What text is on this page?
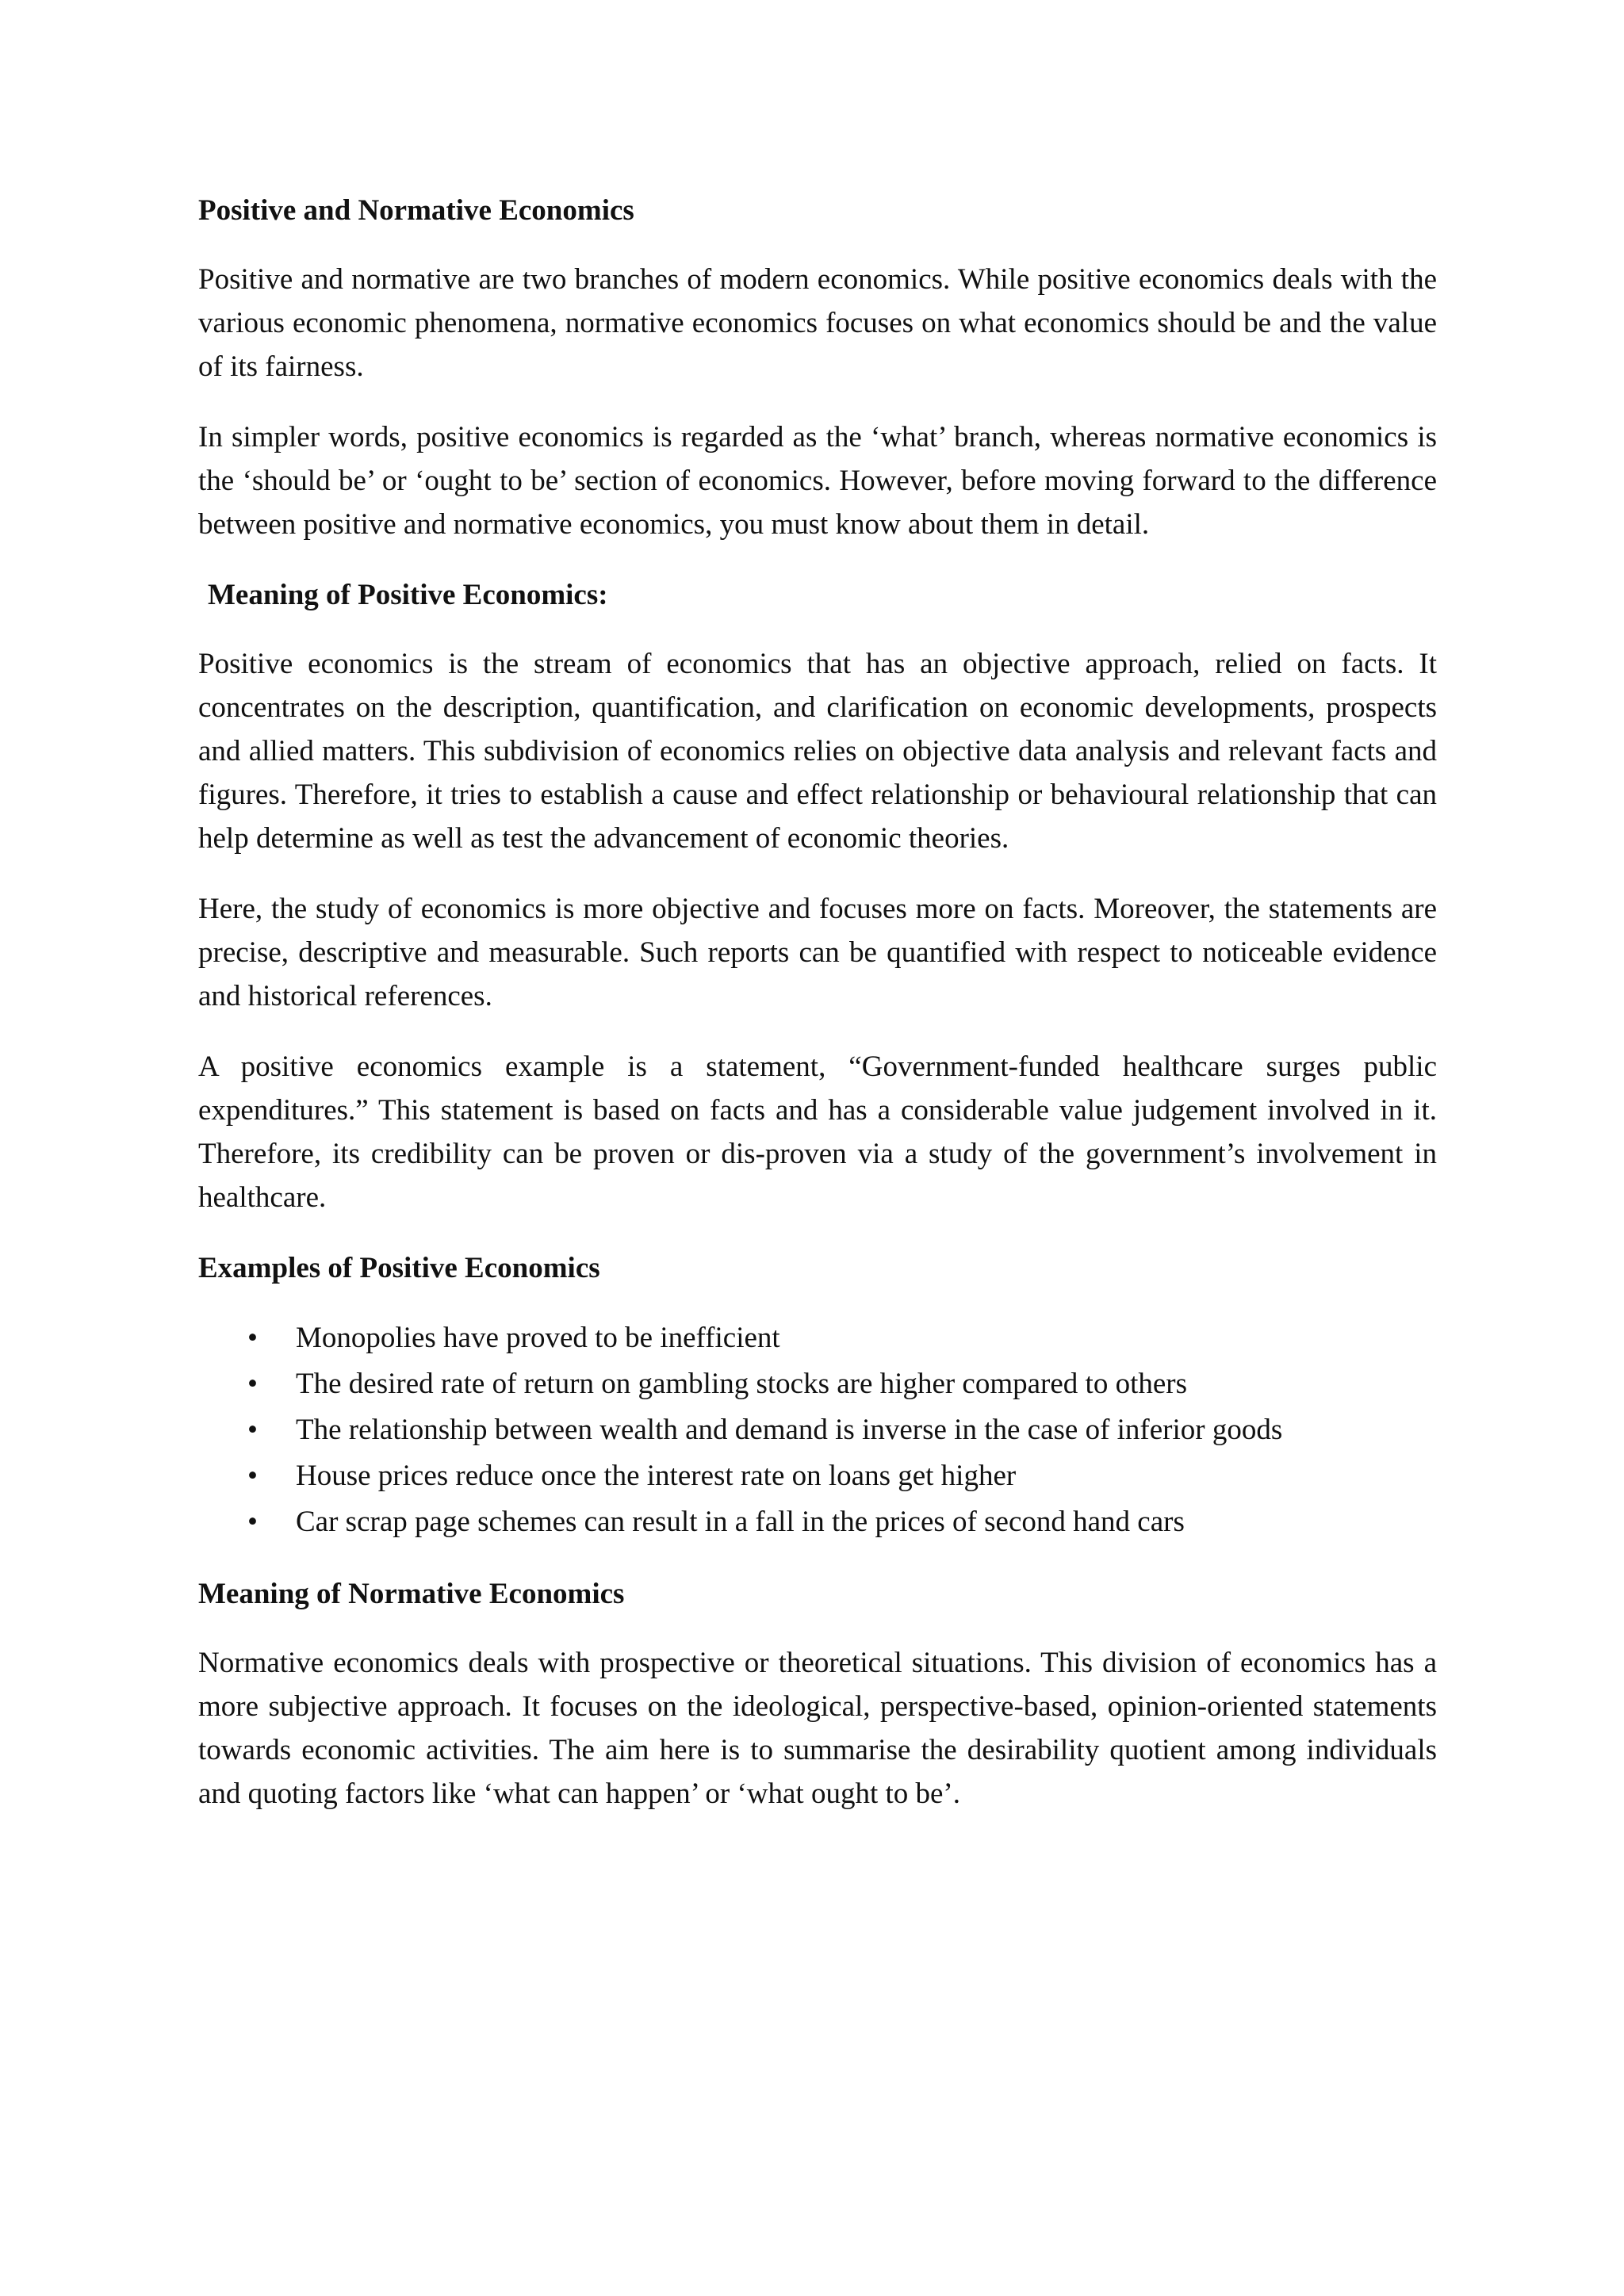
Positive and Normative Economics

Positive and normative are two branches of modern economics. While positive economics deals with the various economic phenomena, normative economics focuses on what economics should be and the value of its fairness.

In simpler words, positive economics is regarded as the ‘what’ branch, whereas normative economics is the ‘should be’ or ‘ought to be’ section of economics. However, before moving forward to the difference between positive and normative economics, you must know about them in detail.

Meaning of Positive Economics:

Positive economics is the stream of economics that has an objective approach, relied on facts. It concentrates on the description, quantification, and clarification on economic developments, prospects and allied matters. This subdivision of economics relies on objective data analysis and relevant facts and figures. Therefore, it tries to establish a cause and effect relationship or behavioural relationship that can help determine as well as test the advancement of economic theories.

Here, the study of economics is more objective and focuses more on facts. Moreover, the statements are precise, descriptive and measurable. Such reports can be quantified with respect to noticeable evidence and historical references.

A positive economics example is a statement, “Government-funded healthcare surges public expenditures.” This statement is based on facts and has a considerable value judgement involved in it. Therefore, its credibility can be proven or dis-proven via a study of the government’s involvement in healthcare.

Examples of Positive Economics
• Monopolies have proved to be inefficient
• The desired rate of return on gambling stocks are higher compared to others
• The relationship between wealth and demand is inverse in the case of inferior goods
• House prices reduce once the interest rate on loans get higher
• Car scrap page schemes can result in a fall in the prices of second hand cars
Meaning of Normative Economics

Normative economics deals with prospective or theoretical situations. This division of economics has a more subjective approach. It focuses on the ideological, perspective-based, opinion-oriented statements towards economic activities. The aim here is to summarise the desirability quotient among individuals and quoting factors like ‘what can happen’ or ‘what ought to be’.
